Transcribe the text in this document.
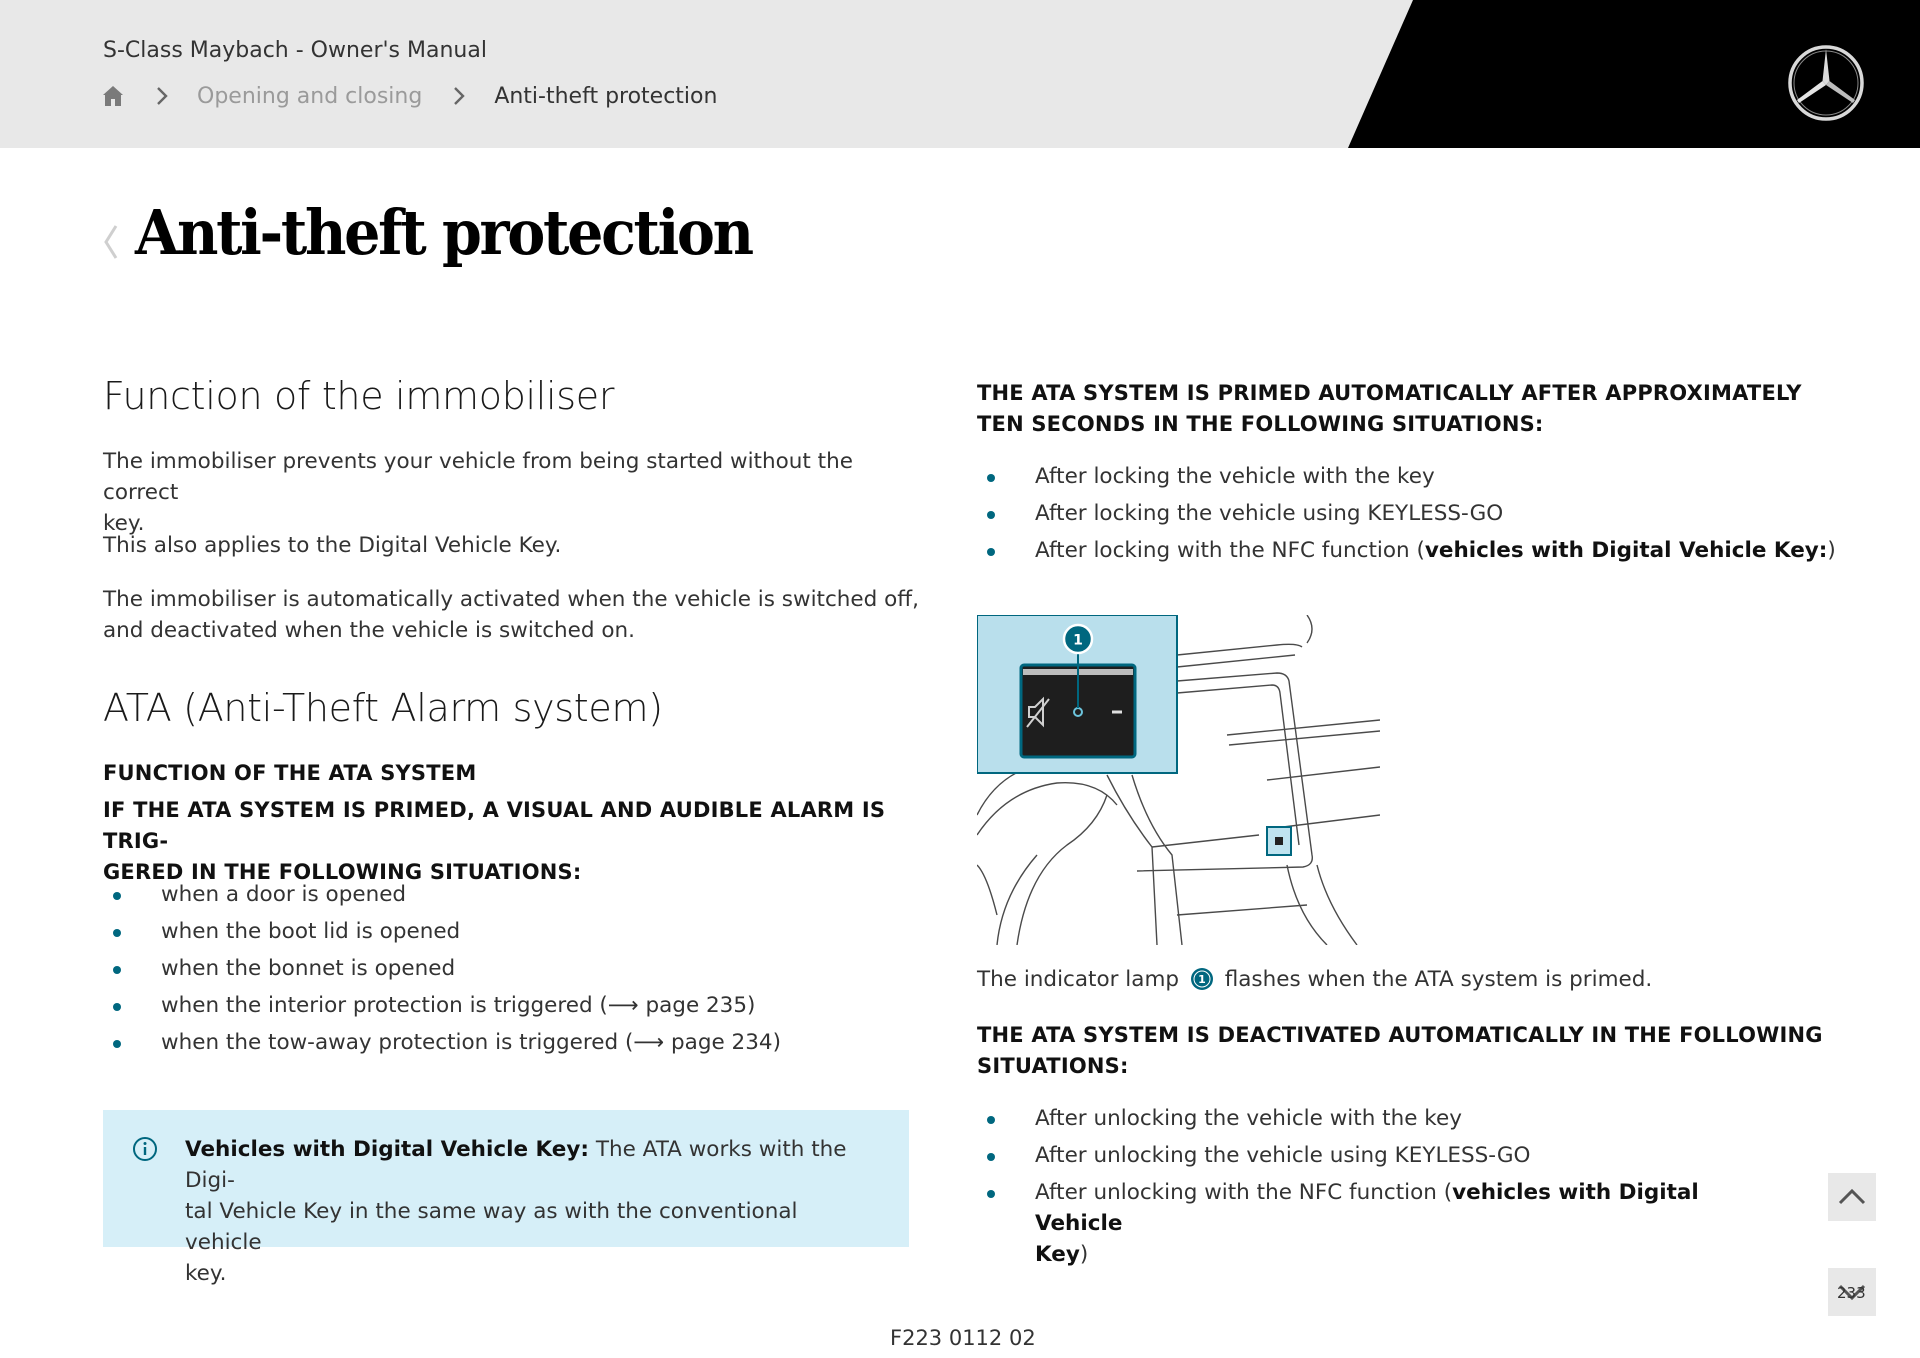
S-Class Maybach - Owner's Manual
Opening and closing	Anti-theft protection
Anti-theft protection
Function of the immobiliser
The immobiliser prevents your vehicle from being started without the correct
key.
This also applies to the Digital Vehicle Key.
The immobiliser is automatically activated when the vehicle is switched off,
and deactivated when the vehicle is switched on.
ATA (Anti-Theft Alarm system)
FUNCTION OF THE ATA SYSTEM
IF THE ATA SYSTEM IS PRIMED, A VISUAL AND AUDIBLE ALARM IS TRIG-
GERED IN THE FOLLOWING SITUATIONS:
when a door is opened
when the boot lid is opened
when the bonnet is opened
when the interior protection is triggered (⟶ page 235)
when the tow-away protection is triggered (⟶ page 234)
Vehicles with Digital Vehicle Key: The ATA works with the Digi-
tal Vehicle Key in the same way as with the conventional vehicle
key.
THE ATA SYSTEM IS PRIMED AUTOMATICALLY AFTER APPROXIMATELY
TEN SECONDS IN THE FOLLOWING SITUATIONS:
After locking the vehicle with the key
After locking the vehicle using KEYLESS-GO
After locking with the NFC function (vehicles with Digital Vehicle Key:)
1
The indicator lamp 1 flashes when the ATA system is primed.
THE ATA SYSTEM IS DEACTIVATED AUTOMATICALLY IN THE FOLLOWING
SITUATIONS:
After unlocking the vehicle with the key
After unlocking the vehicle using KEYLESS-GO
After unlocking with the NFC function (vehicles with Digital Vehicle
Key)
F223 0112 02
233
